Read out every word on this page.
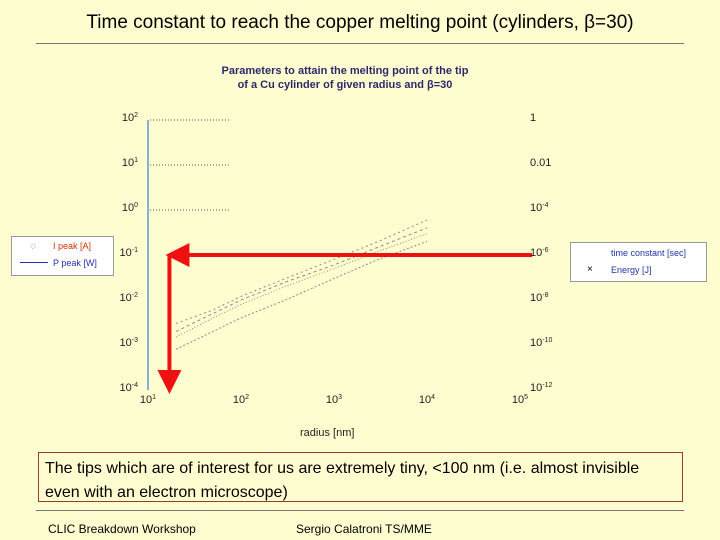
Time constant to reach the copper melting point (cylinders, β=30)
Parameters to attain the melting point of the tip
of a Cu cylinder of given radius and β=30
$10^2$
$10^1$
$10^0$
$10^{-1}$
$10^{-2}$
$10^{-3}$
$10^{-4}$
1
0.01
$10^{-4}$
$10^{-6}$
$10^{-8}$
$10^{-10}$
$10^{-12}$
$10^1$	$10^2$	$10^3$	$10^4$	$10^5$
radius [nm]
◌ I peak [A]
P peak [W]
time constant [sec]
× Energy [J]
The tips which are of interest for us are extremely tiny, <100 nm (i.e. almost invisible even with an electron microscope)
CLIC Breakdown Workshop	Sergio Calatroni TS/MME
